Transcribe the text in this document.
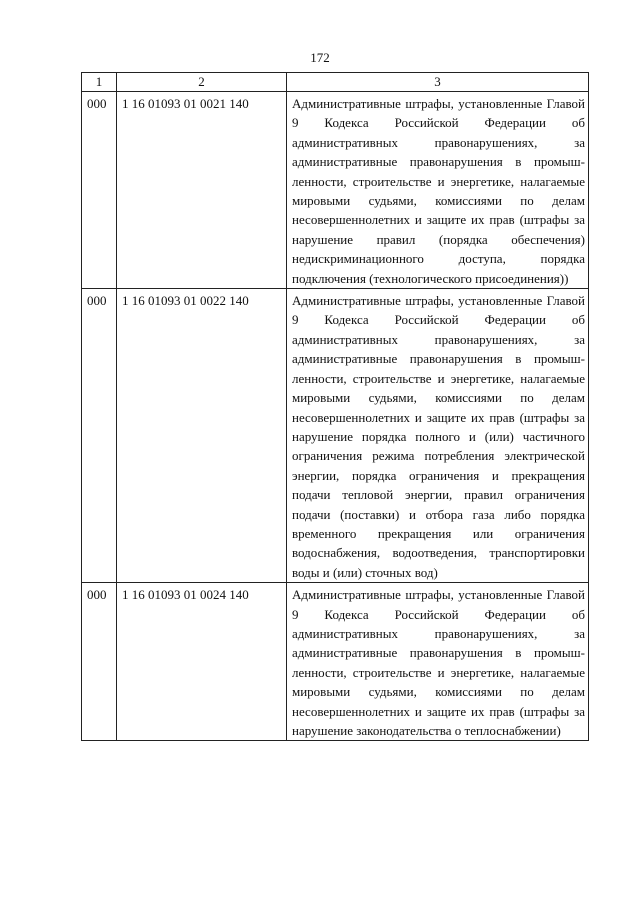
172
1	2	3
000	1 16 01093 01 0021 140	Административные штрафы, установленные Главой 9 Кодекса Российской Федерации об административных правонарушениях, за административные правонарушения в промышленности, строительстве и энергетике, налагаемые мировыми судьями, комиссиями по делам несовершеннолетних и защите их прав (штрафы за нарушение правил (порядка обеспечения) недискриминационного доступа, порядка подключения (технологического присоединения))
000	1 16 01093 01 0022 140	Административные штрафы, установленные Главой 9 Кодекса Российской Федерации об административных правонарушениях, за административные правонарушения в промышленности, строительстве и энергетике, налагаемые мировыми судьями, комиссиями по делам несовершеннолетних и защите их прав (штрафы за нарушение порядка полного и (или) частичного ограничения режима потребления электрической энергии, порядка ограничения и прекращения подачи тепловой энергии, правил ограничения подачи (поставки) и отбора газа либо порядка временного прекращения или ограничения водоснабжения, водоотведения, транспортировки воды и (или) сточных вод)
000	1 16 01093 01 0024 140	Административные штрафы, установленные Главой 9 Кодекса Российской Федерации об административных правонарушениях, за административные правонарушения в промышленности, строительстве и энергетике, налагаемые мировыми судьями, комиссиями по делам несовершеннолетних и защите их прав (штрафы за нарушение законодательства о теплоснабжении)
